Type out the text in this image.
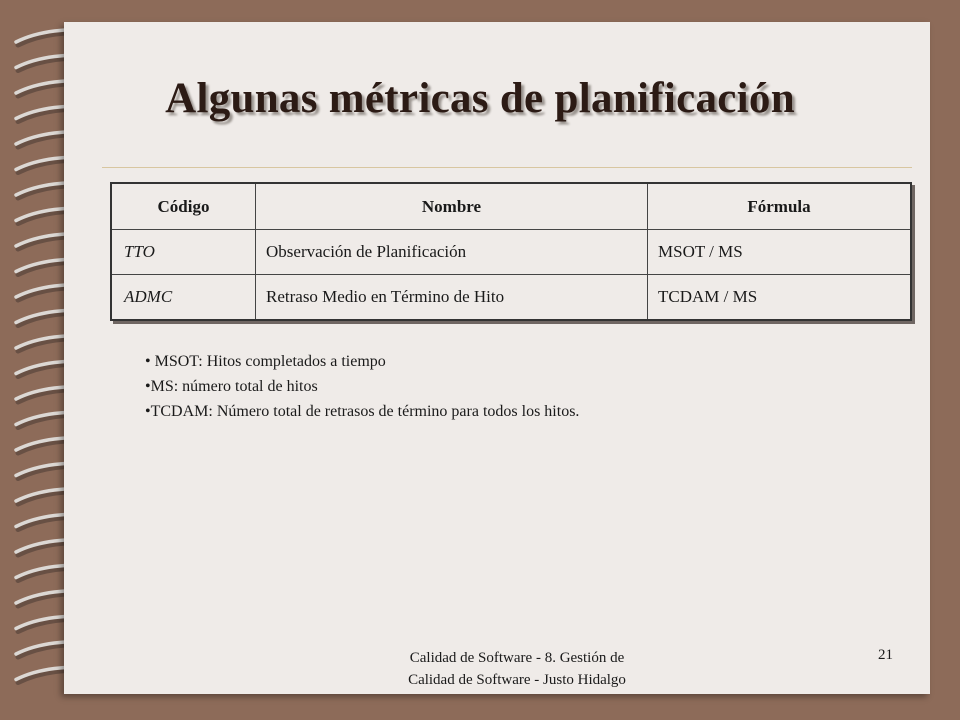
Algunas métricas de planificación
Código	Nombre	Fórmula
TTO	Observación de Planificación	MSOT / MS
ADMC	Retraso Medio en Término de Hito	TCDAM / MS
• MSOT: Hitos completados a tiempo
•MS: número total de hitos
•TCDAM: Número total de retrasos de término para todos los hitos.
Calidad de Software - 8. Gestión de
Calidad de Software - Justo Hidalgo
21
